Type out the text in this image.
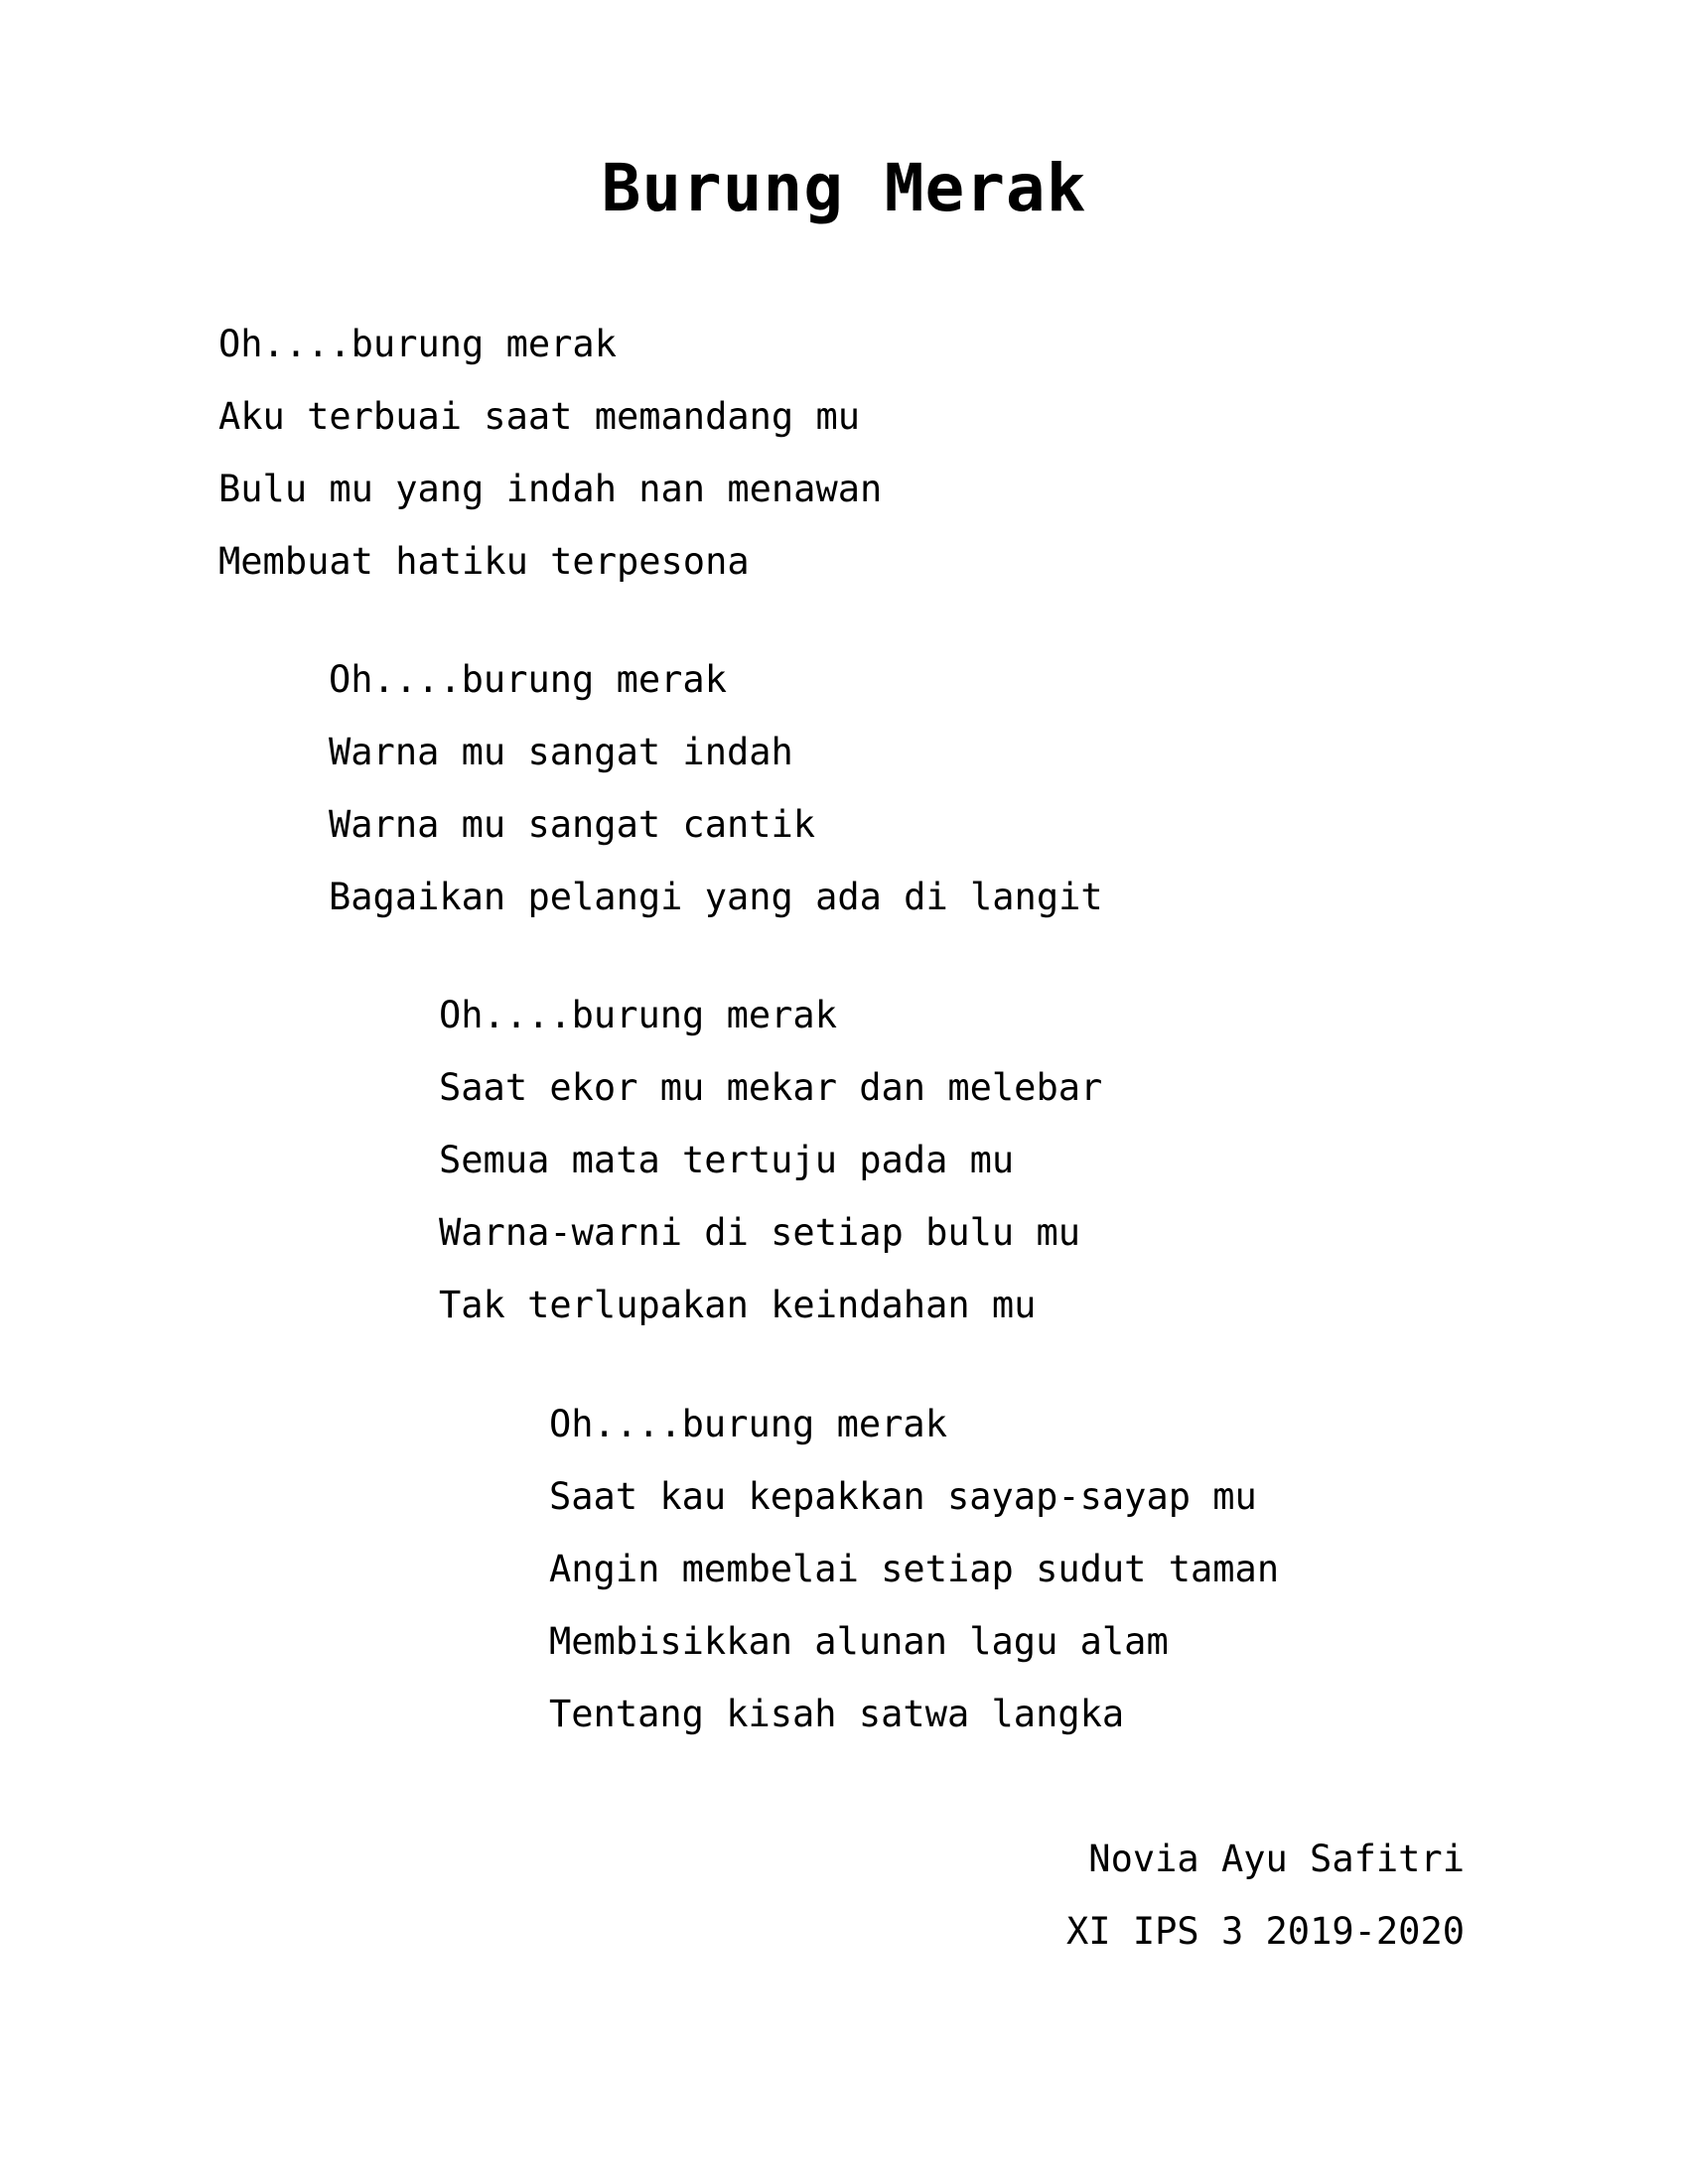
Burung Merak
Oh....burung merak
Aku terbuai saat memandang mu
Bulu mu yang indah nan menawan
Membuat hatiku terpesona
Oh....burung merak
Warna mu sangat indah
Warna mu sangat cantik
Bagaikan pelangi yang ada di langit
Oh....burung merak
Saat ekor mu mekar dan melebar
Semua mata tertuju pada mu
Warna-warni di setiap bulu mu
Tak terlupakan keindahan mu
Oh....burung merak
Saat kau kepakkan sayap-sayap mu
Angin membelai setiap sudut taman
Membisikkan alunan lagu alam
Tentang kisah satwa langka
Novia Ayu Safitri
XI IPS 3 2019-2020
